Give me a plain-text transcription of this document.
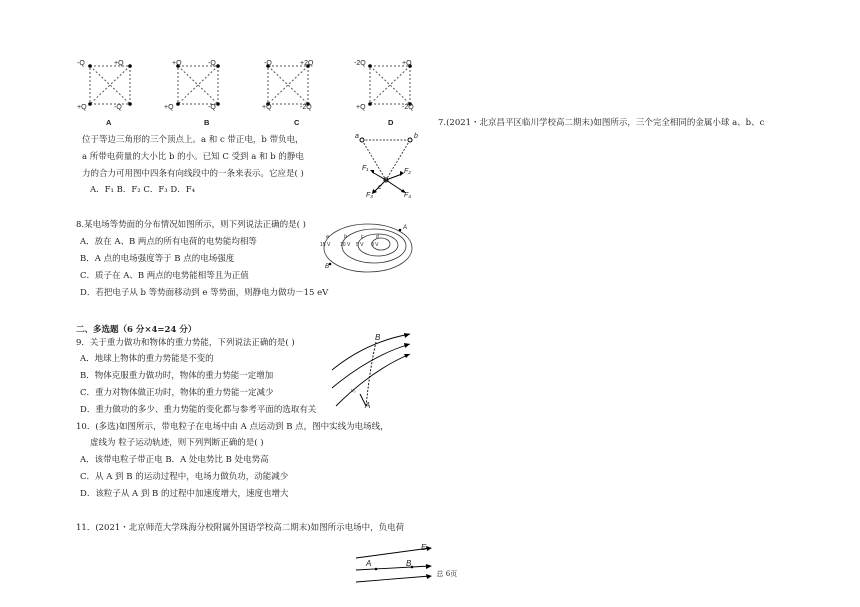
-Q	+Q
+Q	-Q
A
+Q	-Q
+Q	-Q
B
-Q	+2Q
+Q	-2Q
C
-2Q	+Q
+Q	-2Q
D	7.(2021・北京昌平区临川学校高二期末)如图所示，三个完全相同的金属小球 a、b、c
位于等边三角形的三个顶点上。a 和 c 带正电，b 带负电，
a 所带电荷量的大小比 b 的小。已知 C 受到 a 和 b 的静电
力的合力可用图中四条有向线段中的一条来表示。它应是( )
A．F₁ B．F₂ C．F₃ D．F₄
a	b
c
F₁	F₂
F₃	F₄
8.某电场等势面的分布情况如图所示，则下列说法正确的是( )
A．放在 A、B 两点的所有电荷的电势能均相等
B．A 点的电场强度等于 B 点的电场强度
C．质子在 A、B 两点的电势能相等且为正值
D．若把电子从 b 等势面移动到 e 等势面，则静电力做功－15 eV
A
B
15 V 10 V 5 V 0 V
a	b	c	d
二、多选题（6 分×4=24 分）
9．关于重力做功和物体的重力势能，下列说法正确的是( )
A．地球上物体的重力势能是不变的
B．物体克服重力做功时，物体的重力势能一定增加
C．重力对物体做正功时，物体的重力势能一定减少
D．重力做功的多少、重力势能的变化都与参考平面的选取有关
B
A
v₀
10．(多选)如图所示，带电粒子在电场中由 A 点运动到 B 点，图中实线为电场线，
虚线为 粒子运动轨迹，则下列判断正确的是( )
A．该带电粒子带正电 B．A 处电势比 B 处电势高
C．从 A 到 B 的运动过程中，电场力做负功，动能减少
D．该粒子从 A 到 B 的过程中加速度增大，速度也增大
11．(2021・北京师范大学珠海分校附属外国语学校高二期末)如图所示电场中，负电荷
E
A	B
．．总 6页
